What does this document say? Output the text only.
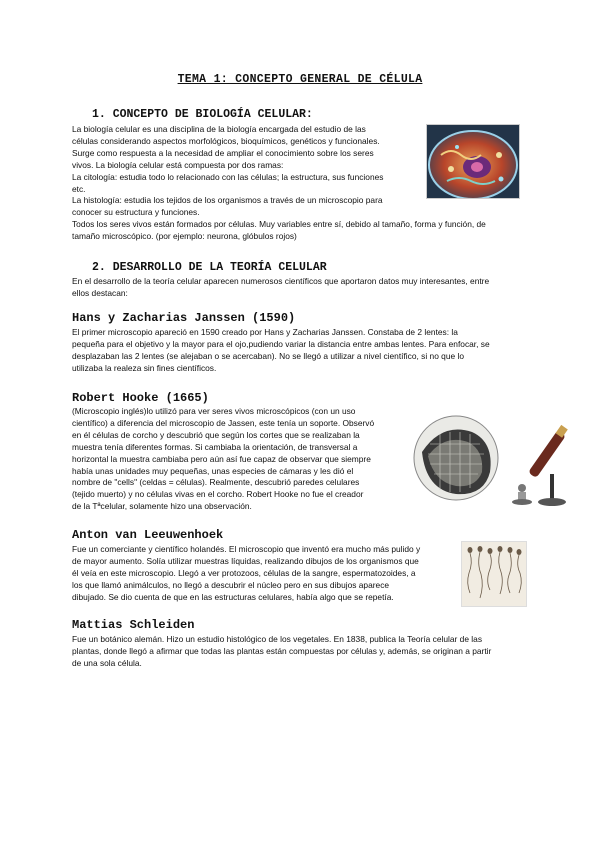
TEMA 1: CONCEPTO GENERAL DE CÉLULA
1. CONCEPTO DE BIOLOGÍA CELULAR:
La biología celular es una disciplina de la biología encargada del estudio de las
células considerando aspectos morfológicos, bioquímicos, genéticos y funcionales.
Surge como respuesta a la necesidad de ampliar el conocimiento sobre los seres
vivos. La biología celular está compuesta por dos ramas:
La citología: estudia todo lo relacionado con las células; la estructura, sus funciones
etc.
La histología: estudia los tejidos de los organismos a través de un microscopio para
conocer su estructura y funciones.
Todos los seres vivos están formados por células. Muy variables entre sí, debido al tamaño, forma y función, de
tamaño microscópico. (por ejemplo: neurona, glóbulos rojos)
2. DESARROLLO DE LA TEORÍA CELULAR
En el desarrollo de la teoría celular aparecen numerosos científicos que aportaron datos muy interesantes, entre
ellos destacan:
Hans y Zacharias Janssen (1590)
El primer microscopio apareció en 1590 creado por Hans y Zacharias Janssen. Constaba de 2 lentes: la
pequeña para el objetivo y la mayor para el ojo,pudiendo variar la distancia entre ambas lentes. Para enfocar, se
desplazaban las 2 lentes (se alejaban o se acercaban). No se llegó a utilizar a nivel científico, si no que lo
utilizaba la realeza sin fines científicos.
Robert Hooke (1665)
(Microscopio inglés)lo utilizó para ver seres vivos microscópicos (con un uso
científico) a diferencia del microscopio de Jassen, este tenía un soporte. Observó
en él células de corcho y descubrió que según los cortes que se realizaban la
muestra tenía diferentes formas. Si cambiaba la orientación, de transversal a
horizontal la muestra cambiaba pero aún así fue capaz de observar que siempre
había unas unidades muy pequeñas, unas especies de cámaras y les dió el
nombre de "cells" (celdas = células). Realmente, descubrió paredes celulares
(tejido muerto) y no células vivas en el corcho. Robert Hooke no fue el creador
de la Tªcelular, solamente hizo una observación.
Anton van Leeuwenhoek
Fue un comerciante y científico holandés. El microscopio que inventó era mucho más pulido y
de mayor aumento. Solía utilizar muestras líquidas, realizando dibujos de los organismos que
él veía en este microscopio. Llegó a ver protozoos, células de la sangre, espermatozoides, a
los que llamó animálculos, no llegó a descubrir el núcleo pero en sus dibujos aparece
dibujado. Se dio cuenta de que en las estructuras celulares, había algo que se repetía.
Mattias Schleiden
Fue un botánico alemán. Hizo un estudio histológico de los vegetales. En 1838, publica la Teoría celular de las
plantas, donde llegó a afirmar que todas las plantas están compuestas por células y, además, se originan a partir
de una sola célula.
